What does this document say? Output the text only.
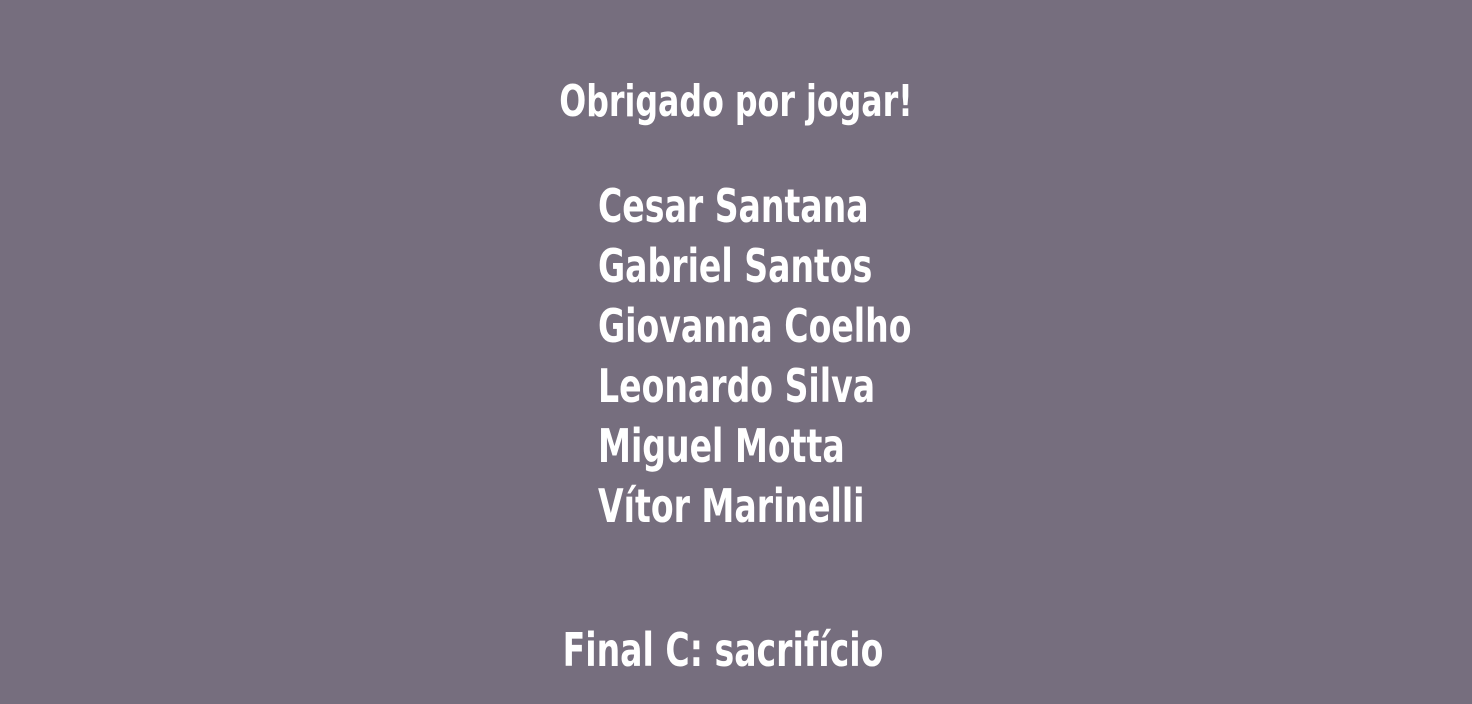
Obrigado por jogar!
Cesar Santana
Gabriel Santos
Giovanna Coelho
Leonardo Silva
Miguel Motta
Vítor Marinelli
Final C: sacrifício
